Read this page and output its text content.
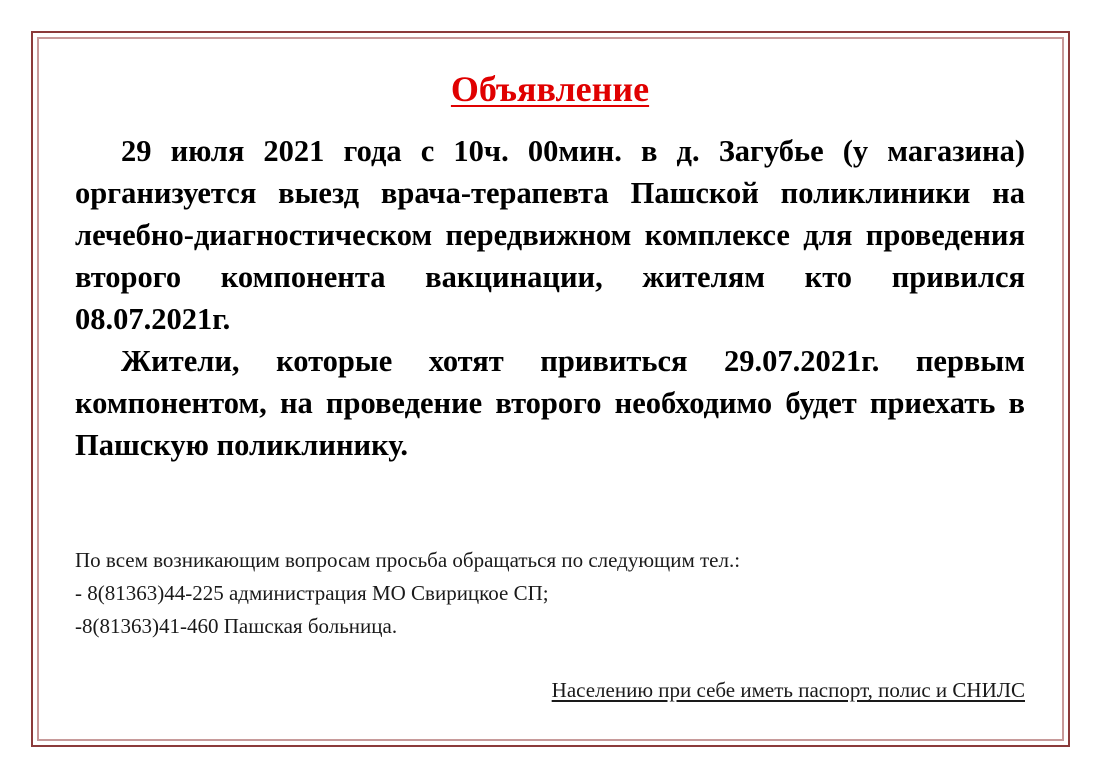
Объявление

29 июля 2021 года с 10ч. 00мин. в д. Загубье (у магазина) организуется выезд врача-терапевта Пашской поликлиники на лечебно-диагностическом передвижном комплексе для проведения второго компонента вакцинации, жителям кто привился 08.07.2021г.

Жители, которые хотят привиться 29.07.2021г. первым компонентом, на проведение второго необходимо будет приехать в Пашскую поликлинику.

По всем возникающим вопросам просьба обращаться по следующим тел.:
- 8(81363)44-225 администрация МО Свирицкое СП;
-8(81363)41-460 Пашская больница.
Населению при себе иметь паспорт, полис и СНИЛС
